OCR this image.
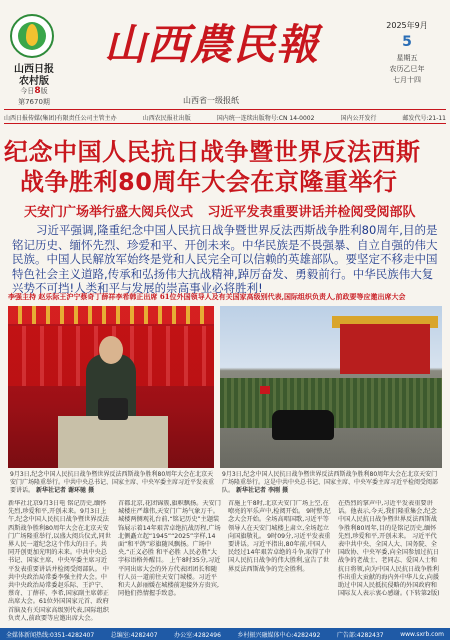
山西日报
农村版
今日8版
第7670期
山西農民報
山西省一级报纸
2025年9月
5
星期五
农历乙巳年
七月十四
山西日报传媒(集团)有限责任公司主管主办	山西农民报社出版	国内统一连续出版物号:CN 14-0002	国内公开发行	邮发代号:21-11
纪念中国人民抗日战争暨世界反法西斯
战争胜利80周年大会在京隆重举行
天安门广场举行盛大阅兵仪式 习近平发表重要讲话并检阅受阅部队
习近平强调,隆重纪念中国人民抗日战争暨世界反法西斯战争胜利80周年,目的是铭记历史、缅怀先烈、珍爱和平、开创未来。中华民族是不畏强暴、自立自强的伟大民族。中国人民解放军始终是党和人民完全可以信赖的英雄部队。要坚定不移走中国特色社会主义道路,传承和弘扬伟大抗战精神,踔厉奋发、勇毅前行。中华民族伟大复兴势不可挡!人类和平与发展的崇高事业必将胜利!
李强主持 赵乐际王沪宁蔡奇丁薛祥李希韩正出席 61位外国领导人及有关国家高级别代表,国际组织负责人,前政要等应邀出席大会
9月3日,纪念中国人民抗日战争暨世界反法西斯战争胜利80周年大会在北京天安门广场隆重举行。中共中央总书记、国家主席、中央军委主席习近平发表重要讲话。 新华社记者 谢环驰 摄
9月3日,纪念中国人民抗日战争暨世界反法西斯战争胜利80周年大会在北京天安门广场隆重举行。这是中共中央总书记、国家主席、中央军委主席习近平检阅受阅部队。 新华社记者 李刚 摄
新华社北京9月3日电 铭记历史,缅怀先烈,珍爱和平,开创未来。9月3日上午,纪念中国人民抗日战争暨世界反法西斯战争胜利80周年大会在北京天安门广场隆重举行,以盛大阅兵仪式,同世界人民一道纪念这个伟大的日子。共同开创更加光明的未来。中共中央总书记、国家主席、中央军委主席习近平发表重要讲话并检阅受阅部队。 中共中央政治局常委李强主持大会。中共中央政治局常委赵乐际、王沪宁、蔡奇、丁薛祥、李希,国家副主席韩正出席大会。61位外国国家元首、政府首脑及有关国家高级别代表,国际组织负责人,前政要等应邀出席大会。
首都北京,花团锦簇,旗帜飘扬。天安门城楼庄严雄伟,天安门广场气象万千。城楼两侧观礼台前,“铭记历史”主题装饰展示着14年艰苦卓绝抗战历程,广场北侧矗立起“1945”“2025”字样,14面“和平鸽”彩旗随风飘扬。广场中央,“正义必胜 和平必胜 人民必胜”大字标语格外醒目。 上午8时35分,习近平同出席大会的外方代表团团长和随行人员一道前往天安门城楼。习近平和夫人彭丽媛在城楼前迎接外方贵宾,同他们热情握手致意。
首施上午8时,北京天安门广场上空,在嘹亮的军乐声中,检阅开始。 9时整,纪念大会开始。全场高唱国歌,习近平等领导人在天安门城楼上肃立,全场起立向国旗敬礼。 9时09分,习近平发表重要讲话。习近平指出,80年前,中国人民经过14年艰苦卓绝的斗争,取得了中国人民抗日战争的伟大胜利,宣告了世界反法西斯战争的完全胜利。
在热烈的掌声中,习近平发表重要讲话。他表示,今天,我们隆重集会,纪念中国人民抗日战争暨世界反法西斯战争胜利80周年,目的是铭记历史,缅怀先烈,珍爱和平,开创未来。 习近平代表中共中央、全国人大、国务院、全国政协、中央军委,向全国参加过抗日战争的老战士、老同志、爱国人士和抗日将领,向为中国人民抗日战争胜利作出重大贡献的海内外中华儿女,向援助过中国人民抵抗侵略的外国政府和国际友人表示衷心感谢。(下转第2版)
全媒体新闻热线:0351-4282407	总编室:4282407	办公室:4282496	乡村振兴融媒体中心:4282492	广告部:4282437	www.sxrb.com
